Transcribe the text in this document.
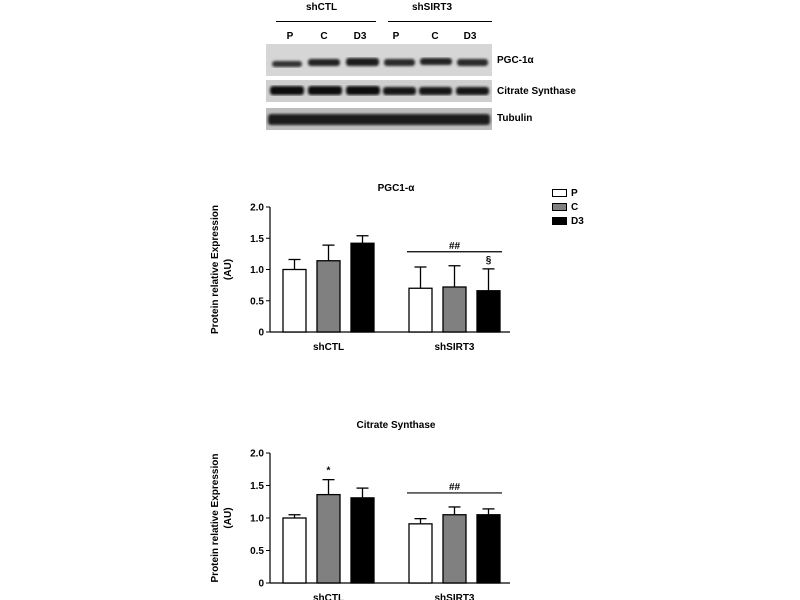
shCTL	shSIRT3
P	C	D3	P	C	D3
PGC-1α
Citrate Synthase
Tubulin
P
C
D3
PGC1-α
0
0.5
1.0
1.5
2.0
Protein relative Expression (AU)
shCTL	shSIRT3
##
§
Citrate Synthase
0
0.5
1.0
1.5
2.0
Protein relative Expression (AU)
shCTL	shSIRT3
##
*
